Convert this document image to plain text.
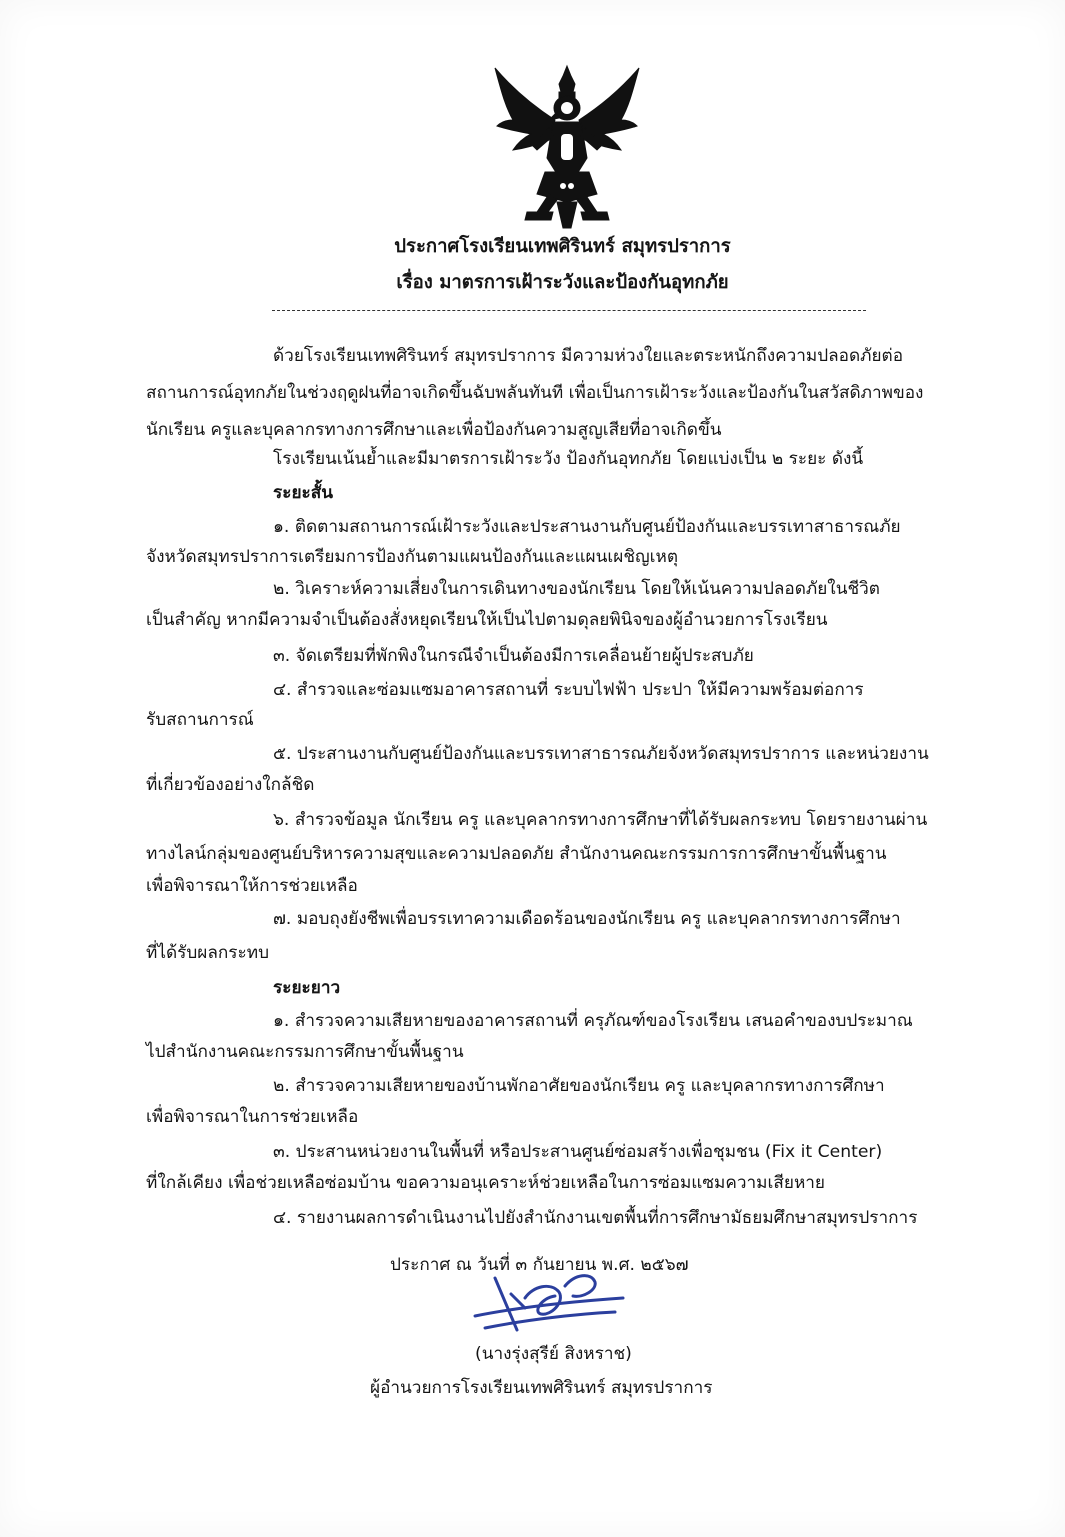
ประกาศโรงเรียนเทพศิรินทร์ สมุทรปราการ
เรื่อง มาตรการเฝ้าระวังและป้องกันอุทกภัย
ด้วยโรงเรียนเทพศิรินทร์ สมุทรปราการ มีความห่วงใยและตระหนักถึงความปลอดภัยต่อ
สถานการณ์อุทกภัยในช่วงฤดูฝนที่อาจเกิดขึ้นฉับพลันทันที เพื่อเป็นการเฝ้าระวังและป้องกันในสวัสดิภาพของ
นักเรียน ครูและบุคลากรทางการศึกษาและเพื่อป้องกันความสูญเสียที่อาจเกิดขึ้น
โรงเรียนเน้นย้ำและมีมาตรการเฝ้าระวัง ป้องกันอุทกภัย โดยแบ่งเป็น ๒ ระยะ ดังนี้
ระยะสั้น
๑. ติดตามสถานการณ์เฝ้าระวังและประสานงานกับศูนย์ป้องกันและบรรเทาสาธารณภัย
จังหวัดสมุทรปราการเตรียมการป้องกันตามแผนป้องกันและแผนเผชิญเหตุ
๒. วิเคราะห์ความเสี่ยงในการเดินทางของนักเรียน โดยให้เน้นความปลอดภัยในชีวิต
เป็นสำคัญ หากมีความจำเป็นต้องสั่งหยุดเรียนให้เป็นไปตามดุลยพินิจของผู้อำนวยการโรงเรียน
๓. จัดเตรียมที่พักพิงในกรณีจำเป็นต้องมีการเคลื่อนย้ายผู้ประสบภัย
๔. สำรวจและซ่อมแซมอาคารสถานที่ ระบบไฟฟ้า ประปา ให้มีความพร้อมต่อการ
รับสถานการณ์
๕. ประสานงานกับศูนย์ป้องกันและบรรเทาสาธารณภัยจังหวัดสมุทรปราการ และหน่วยงาน
ที่เกี่ยวข้องอย่างใกล้ชิด
๖. สำรวจข้อมูล นักเรียน ครู และบุคลากรทางการศึกษาที่ได้รับผลกระทบ โดยรายงานผ่าน
ทางไลน์กลุ่มของศูนย์บริหารความสุขและความปลอดภัย สำนักงานคณะกรรมการการศึกษาขั้นพื้นฐาน
เพื่อพิจารณาให้การช่วยเหลือ
๗. มอบถุงยังชีพเพื่อบรรเทาความเดือดร้อนของนักเรียน ครู และบุคลากรทางการศึกษา
ที่ได้รับผลกระทบ
ระยะยาว
๑. สำรวจความเสียหายของอาคารสถานที่ ครุภัณฑ์ของโรงเรียน เสนอคำของบประมาณ
ไปสำนักงานคณะกรรมการศึกษาขั้นพื้นฐาน
๒. สำรวจความเสียหายของบ้านพักอาศัยของนักเรียน ครู และบุคลากรทางการศึกษา
เพื่อพิจารณาในการช่วยเหลือ
๓. ประสานหน่วยงานในพื้นที่ หรือประสานศูนย์ซ่อมสร้างเพื่อชุมชน (Fix it Center)
ที่ใกล้เคียง เพื่อช่วยเหลือซ่อมบ้าน ขอความอนุเคราะห์ช่วยเหลือในการซ่อมแซมความเสียหาย
๔. รายงานผลการดำเนินงานไปยังสำนักงานเขตพื้นที่การศึกษามัธยมศึกษาสมุทรปราการ
ประกาศ ณ วันที่ ๓ กันยายน พ.ศ. ๒๕๖๗
(นางรุ่งสุรีย์ สิงหราช)
ผู้อำนวยการโรงเรียนเทพศิรินทร์ สมุทรปราการ
